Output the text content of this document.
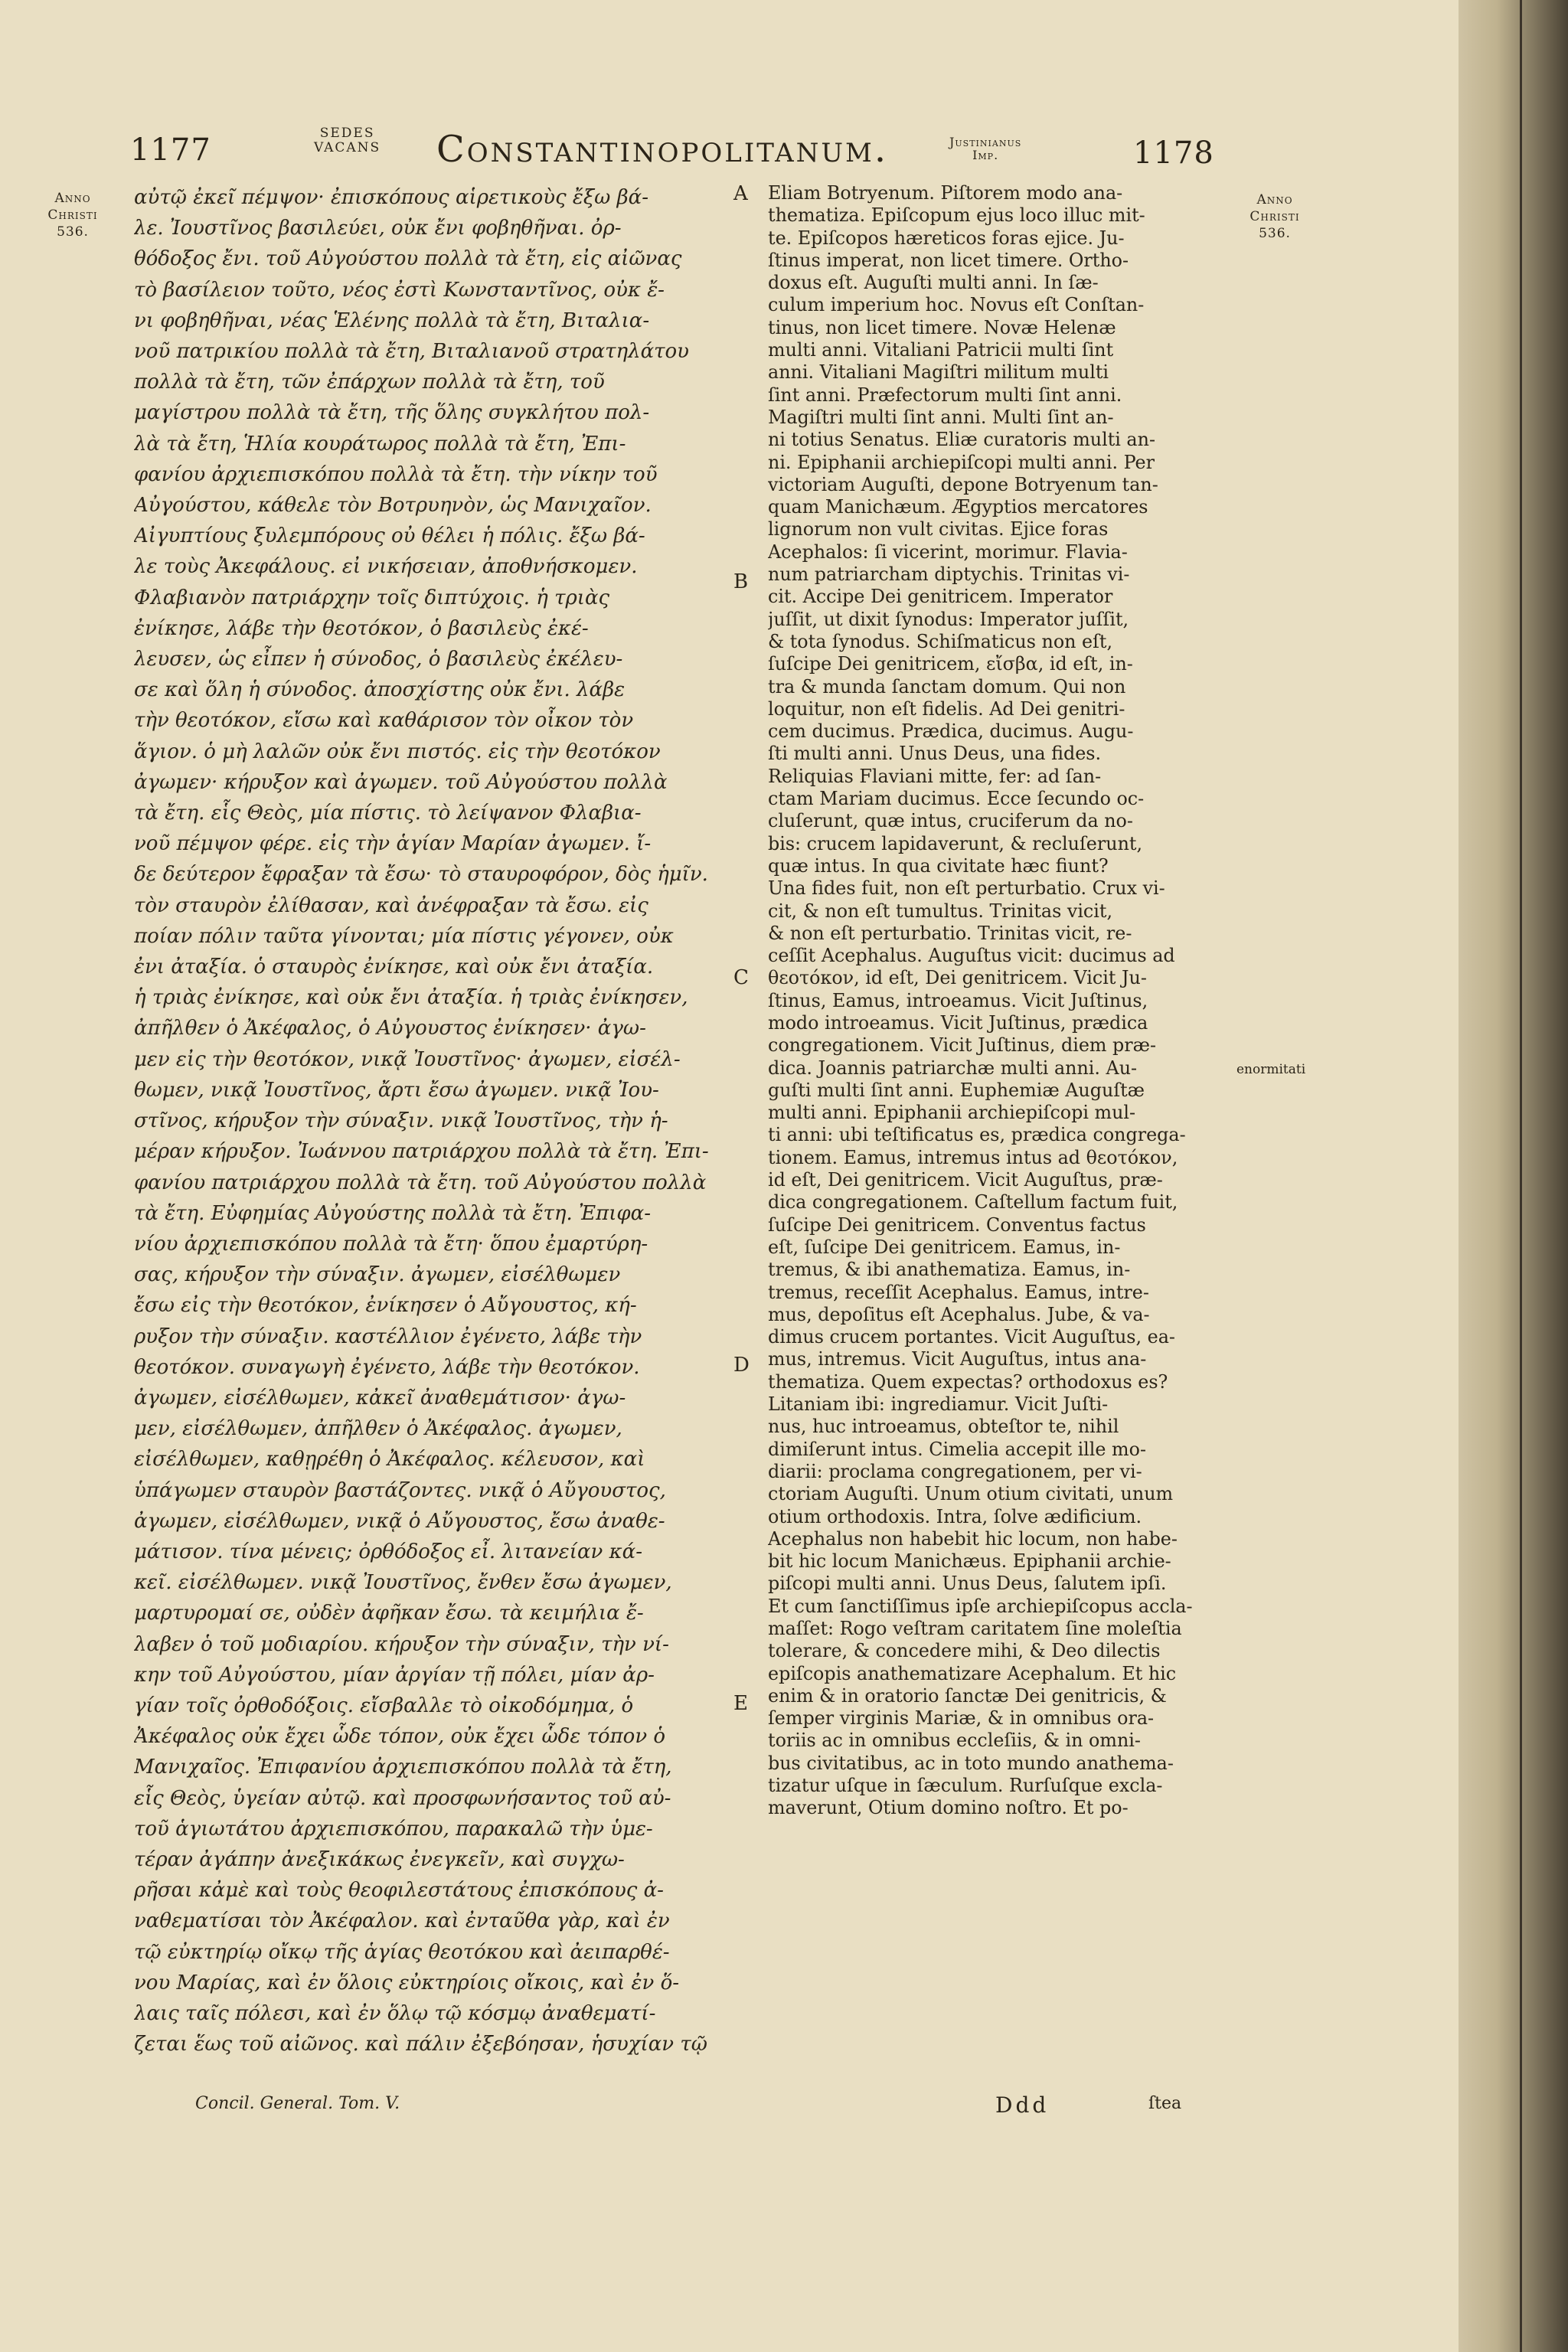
1177	SEDES
VACANS Constantinopolitanum.	Justinianus
Imp.	1178
Anno
Christi
536.
Anno
Christi
536.
enormitati
A
B
C
D
E
αὐτῷ ἐκεῖ πέμψον· ἐπισκόπους αἱρετικοὺς ἔξω βά-
λε. Ἰουστῖνος βασιλεύει, οὐκ ἔνι φοβηθῆναι. ὀρ-
θόδοξος ἔνι. τοῦ Αὐγούστου πολλὰ τὰ ἔτη, εἰς αἰῶνας
τὸ βασίλειον τοῦτο, νέος ἐστὶ Κωνσταντῖνος, οὐκ ἔ-
νι φοβηθῆναι, νέας Ἑλένης πολλὰ τὰ ἔτη, Βιταλια-
νοῦ πατρικίου πολλὰ τὰ ἔτη, Βιταλιανοῦ στρατηλάτου
πολλὰ τὰ ἔτη, τῶν ἐπάρχων πολλὰ τὰ ἔτη, τοῦ
μαγίστρου πολλὰ τὰ ἔτη, τῆς ὅλης συγκλήτου πολ-
λὰ τὰ ἔτη, Ἡλία κουράτωρος πολλὰ τὰ ἔτη, Ἐπι-
φανίου ἀρχιεπισκόπου πολλὰ τὰ ἔτη. τὴν νίκην τοῦ
Αὐγούστου, κάθελε τὸν Βοτρυηνὸν, ὡς Μανιχαῖον.
Αἰγυπτίους ξυλεμπόρους οὐ θέλει ἡ πόλις. ἔξω βά-
λε τοὺς Ἀκεφάλους. εἰ νικήσειαν, ἀποθνήσκομεν.
Φλαβιανὸν πατριάρχην τοῖς διπτύχοις. ἡ τριὰς
ἐνίκησε, λάβε τὴν θεοτόκον, ὁ βασιλεὺς ἐκέ-
λευσεν, ὡς εἶπεν ἡ σύνοδος, ὁ βασιλεὺς ἐκέλευ-
σε καὶ ὅλη ἡ σύνοδος. ἀποσχίστης οὐκ ἔνι. λάβε
τὴν θεοτόκον, εἴσω καὶ καθάρισον τὸν οἶκον τὸν
ἅγιον. ὁ μὴ λαλῶν οὐκ ἔνι πιστός. εἰς τὴν θεοτόκον
ἀγωμεν· κήρυξον καὶ ἀγωμεν. τοῦ Αὐγούστου πολλὰ
τὰ ἔτη. εἷς Θεὸς, μία πίστις. τὸ λείψανον Φλαβια-
νοῦ πέμψον φέρε. εἰς τὴν ἁγίαν Μαρίαν ἀγωμεν. ἴ-
δε δεύτερον ἔφραξαν τὰ ἔσω· τὸ σταυροφόρον, δὸς ἡμῖν.
τὸν σταυρὸν ἐλίθασαν, καὶ ἀνέφραξαν τὰ ἔσω. εἰς
ποίαν πόλιν ταῦτα γίνονται; μία πίστις γέγονεν, οὐκ
ἐνι ἀταξία. ὁ σταυρὸς ἐνίκησε, καὶ οὐκ ἔνι ἀταξία.
ἡ τριὰς ἐνίκησε, καὶ οὐκ ἔνι ἀταξία. ἡ τριὰς ἐνίκησεν,
ἀπῆλθεν ὁ Ἀκέφαλος, ὁ Αὐγουστος ἐνίκησεν· ἀγω-
μεν εἰς τὴν θεοτόκον, νικᾷ Ἰουστῖνος· ἀγωμεν, εἰσέλ-
θωμεν, νικᾷ Ἰουστῖνος, ἄρτι ἔσω ἀγωμεν. νικᾷ Ἰου-
στῖνος, κήρυξον τὴν σύναξιν. νικᾷ Ἰουστῖνος, τὴν ἡ-
μέραν κήρυξον. Ἰωάννου πατριάρχου πολλὰ τὰ ἔτη. Ἐπι-
φανίου πατριάρχου πολλὰ τὰ ἔτη. τοῦ Αὐγούστου πολλὰ
τὰ ἔτη. Εὐφημίας Αὐγούστης πολλὰ τὰ ἔτη. Ἐπιφα-
νίου ἀρχιεπισκόπου πολλὰ τὰ ἔτη· ὅπου ἐμαρτύρη-
σας, κήρυξον τὴν σύναξιν. ἀγωμεν, εἰσέλθωμεν
ἔσω εἰς τὴν θεοτόκον, ἐνίκησεν ὁ Αὔγουστος, κή-
ρυξον τὴν σύναξιν. καστέλλιον ἐγένετο, λάβε τὴν
θεοτόκον. συναγωγὴ ἐγένετο, λάβε τὴν θεοτόκον.
ἀγωμεν, εἰσέλθωμεν, κἀκεῖ ἀναθεμάτισον· ἀγω-
μεν, εἰσέλθωμεν, ἀπῆλθεν ὁ Ἀκέφαλος. ἀγωμεν,
εἰσέλθωμεν, καθῃρέθη ὁ Ἀκέφαλος. κέλευσον, καὶ
ὑπάγωμεν σταυρὸν βαστάζοντες. νικᾷ ὁ Αὔγουστος,
ἀγωμεν, εἰσέλθωμεν, νικᾷ ὁ Αὔγουστος, ἔσω ἀναθε-
μάτισον. τίνα μένεις; ὀρθόδοξος εἶ. λιτανείαν κά-
κεῖ. εἰσέλθωμεν. νικᾷ Ἰουστῖνος, ἔνθεν ἔσω ἀγωμεν,
μαρτυρομαί σε, οὐδὲν ἀφῆκαν ἔσω. τὰ κειμήλια ἔ-
λαβεν ὁ τοῦ μοδιαρίου. κήρυξον τὴν σύναξιν, τὴν νί-
κην τοῦ Αὐγούστου, μίαν ἀργίαν τῇ πόλει, μίαν ἀρ-
γίαν τοῖς ὀρθοδόξοις. εἴσβαλλε τὸ οἰκοδόμημα, ὁ
Ἀκέφαλος οὐκ ἔχει ὧδε τόπον, οὐκ ἔχει ὧδε τόπον ὁ
Μανιχαῖος. Ἐπιφανίου ἀρχιεπισκόπου πολλὰ τὰ ἔτη,
εἷς Θεὸς, ὑγείαν αὐτῷ. καὶ προσφωνήσαντος τοῦ αὐ-
τοῦ ἁγιωτάτου ἀρχιεπισκόπου, παρακαλῶ τὴν ὑμε-
τέραν ἀγάπην ἀνεξικάκως ἐνεγκεῖν, καὶ συγχω-
ρῆσαι κἀμὲ καὶ τοὺς θεοφιλεστάτους ἐπισκόπους ἀ-
ναθεματίσαι τὸν Ἀκέφαλον. καὶ ἐνταῦθα γὰρ, καὶ ἐν
τῷ εὐκτηρίῳ οἴκῳ τῆς ἁγίας θεοτόκου καὶ ἀειπαρθέ-
νου Μαρίας, καὶ ἐν ὅλοις εὐκτηρίοις οἴκοις, καὶ ἐν ὅ-
λαις ταῖς πόλεσι, καὶ ἐν ὅλῳ τῷ κόσμῳ ἀναθεματί-
ζεται ἕως τοῦ αἰῶνος. καὶ πάλιν ἐξεβόησαν, ἡσυχίαν τῷ
Eliam Botryenum. Piſtorem modo ana-
thematiza. Epiſcopum ejus loco illuc mit-
te. Epiſcopos hæreticos foras ejice. Ju-
ſtinus imperat, non licet timere. Ortho-
doxus eſt. Auguſti multi anni. In ſæ-
culum imperium hoc. Novus eſt Conſtan-
tinus, non licet timere. Novæ Helenæ
multi anni. Vitaliani Patricii multi ſint
anni. Vitaliani Magiſtri militum multi
ſint anni. Præfectorum multi ſint anni.
Magiſtri multi ſint anni. Multi ſint an-
ni totius Senatus. Eliæ curatoris multi an-
ni. Epiphanii archiepiſcopi multi anni. Per
victoriam Auguſti, depone Botryenum tan-
quam Manichæum. Ægyptios mercatores
lignorum non vult civitas. Ejice foras
Acephalos: ſi vicerint, morimur. Flavia-
num patriarcham diptychis. Trinitas vi-
cit. Accipe Dei genitricem. Imperator
juſſit, ut dixit ſynodus: Imperator juſſit,
& tota ſynodus. Schiſmaticus non eſt,
ſuſcipe Dei genitricem, εἴσβα, id eſt, in-
tra & munda ſanctam domum. Qui non
loquitur, non eſt fidelis. Ad Dei genitri-
cem ducimus. Prædica, ducimus. Augu-
ſti multi anni. Unus Deus, una fides.
Reliquias Flaviani mitte, fer: ad ſan-
ctam Mariam ducimus. Ecce ſecundo oc-
cluſerunt, quæ intus, cruciferum da no-
bis: crucem lapidaverunt, & recluſerunt,
quæ intus. In qua civitate hæc fiunt?
Una fides fuit, non eſt perturbatio. Crux vi-
cit, & non eſt tumultus. Trinitas vicit,
& non eſt perturbatio. Trinitas vicit, re-
ceſſit Acephalus. Auguſtus vicit: ducimus ad
θεοτόκον, id eſt, Dei genitricem. Vicit Ju-
ſtinus, Eamus, introeamus. Vicit Juſtinus,
modo introeamus. Vicit Juſtinus, prædica
congregationem. Vicit Juſtinus, diem præ-
dica. Joannis patriarchæ multi anni. Au-
guſti multi ſint anni. Euphemiæ Auguſtæ
multi anni. Epiphanii archiepiſcopi mul-
ti anni: ubi teſtificatus es, prædica congrega-
tionem. Eamus, intremus intus ad θεοτόκον,
id eſt, Dei genitricem. Vicit Auguſtus, præ-
dica congregationem. Caſtellum factum fuit,
ſuſcipe Dei genitricem. Conventus factus
eſt, ſuſcipe Dei genitricem. Eamus, in-
tremus, & ibi anathematiza. Eamus, in-
tremus, receſſit Acephalus. Eamus, intre-
mus, depoſitus eſt Acephalus. Jube, & va-
dimus crucem portantes. Vicit Auguſtus, ea-
mus, intremus. Vicit Auguſtus, intus ana-
thematiza. Quem expectas? orthodoxus es?
Litaniam ibi: ingrediamur. Vicit Juſti-
nus, huc introeamus, obteſtor te, nihil
dimiſerunt intus. Cimelia accepit ille mo-
diarii: proclama congregationem, per vi-
ctoriam Auguſti. Unum otium civitati, unum
otium orthodoxis. Intra, ſolve ædificium.
Acephalus non habebit hic locum, non habe-
bit hic locum Manichæus. Epiphanii archie-
piſcopi multi anni. Unus Deus, ſalutem ipſi.
Et cum ſanctiſſimus ipſe archiepiſcopus accla-
maſſet: Rogo veſtram caritatem ſine moleſtia
tolerare, & concedere mihi, & Deo dilectis
epiſcopis anathematizare Acephalum. Et hic
enim & in oratorio ſanctæ Dei genitricis, &
ſemper virginis Mariæ, & in omnibus ora-
toriis ac in omnibus eccleſiis, & in omni-
bus civitatibus, ac in toto mundo anathema-
tizatur uſque in ſæculum. Rurſuſque excla-
maverunt, Otium domino noſtro. Et po-
Concil. General. Tom. V.	Ddd	ſtea
